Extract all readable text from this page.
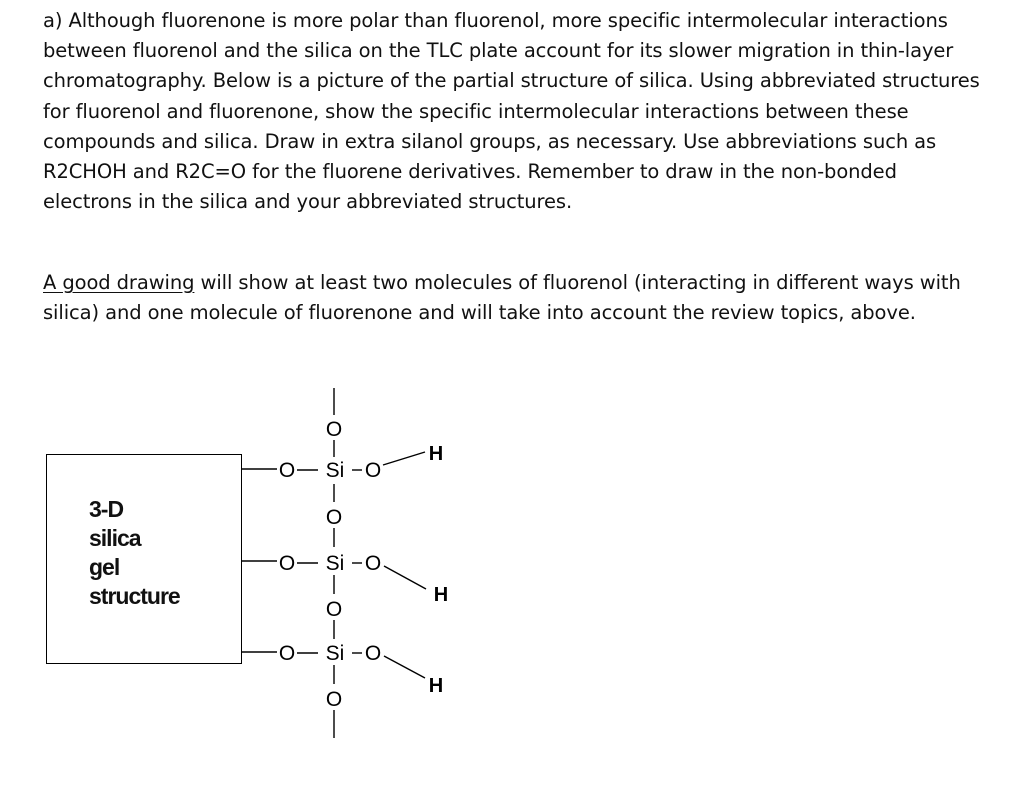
a) Although fluorenone is more polar than fluorenol, more specific intermolecular interactions between fluorenol and the silica on the TLC plate account for its slower migration in thin-layer chromatography. Below is a picture of the partial structure of silica. Using abbreviated structures for fluorenol and fluorenone, show the specific intermolecular interactions between these compounds and silica. Draw in extra silanol groups, as necessary. Use abbreviations such as R2CHOH and R2C=O for the fluorene derivatives. Remember to draw in the non-bonded electrons in the silica and your abbreviated structures.

A good drawing will show at least two molecules of fluorenol (interacting in different ways with silica) and one molecule of fluorenone and will take into account the review topics, above.

3-D
silica
gel
structure
O
O
O
O
O Si O
H
O Si O
H
O Si O
H
